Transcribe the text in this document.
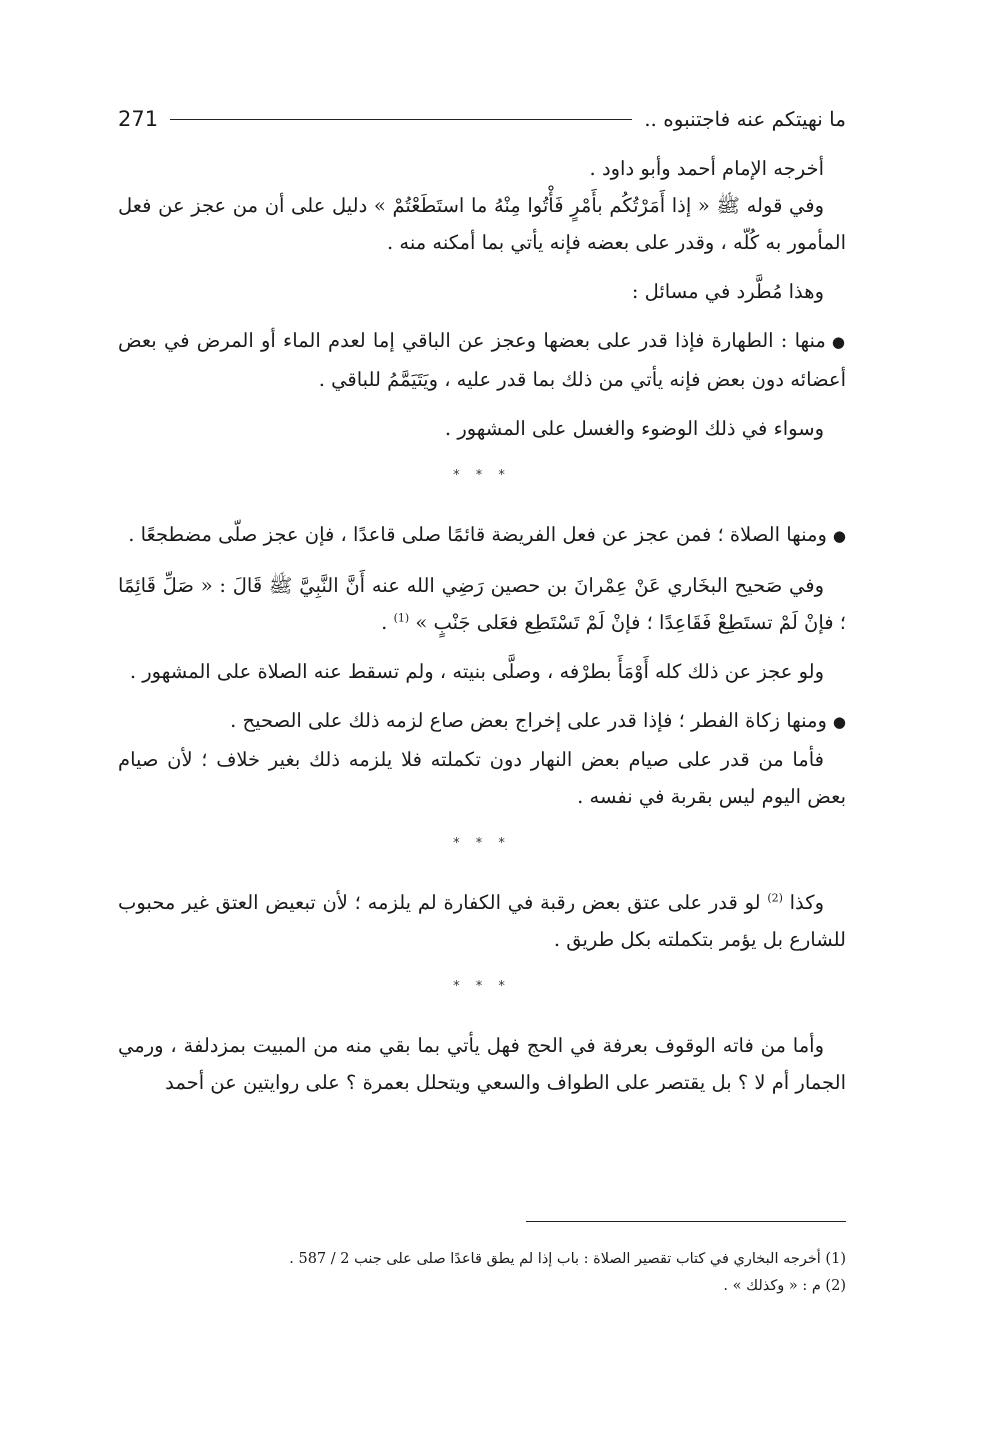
ما نهيتكم عنه فاجتنبوه ..
271

أخرجه الإمام أحمد وأبو داود .

وفي قوله ﷺ « إذا أَمَرْتُكُم بأَمْرٍ فَأْتُوا مِنْهُ ما استَطَعْتُمْ » دليل على أن من عجز عن فعل المأمور به كُلّه ، وقدر على بعضه فإنه يأتي بما أمكنه منه .

وهذا مُطَّرد في مسائل :

●منها : الطهارة فإذا قدر على بعضها وعجز عن الباقي إما لعدم الماء أو المرض في بعض أعضائه دون بعض فإنه يأتي من ذلك بما قدر عليه ، ويَتَيَمَّمُ للباقي .

وسواء في ذلك الوضوء والغسل على المشهور .

* * *

●ومنها الصلاة ؛ فمن عجز عن فعل الفريضة قائمًا صلى قاعدًا ، فإن عجز صلّى مضطجعًا .

وفي صَحيح البخَاري عَنْ عِمْرانَ بن حصين رَضِي الله عنه أَنَّ النَّبِيَّ ﷺ قَالَ : « صَلِّ قَائِمًا ؛ فإنْ لَمْ تستَطِعْ فَقَاعِدًا ؛ فإنْ لَمْ تَسْتَطِع فعَلى جَنْبٍ » $^{(1)}$ .

ولو عجز عن ذلك كله أَوْمَأَ بطرْفه ، وصلَّى بنيته ، ولم تسقط عنه الصلاة على المشهور .

●ومنها زكاة الفطر ؛ فإذا قدر على إخراج بعض صاع لزمه ذلك على الصحيح .

فأما من قدر على صيام بعض النهار دون تكملته فلا يلزمه ذلك بغير خلاف ؛ لأن صيام بعض اليوم ليس بقربة في نفسه .

* * *

وكذا $^{(2)}$ لو قدر على عتق بعض رقبة في الكفارة لم يلزمه ؛ لأن تبعيض العتق غير محبوب للشارع بل يؤمر بتكملته بكل طريق .

* * *

وأما من فاته الوقوف بعرفة في الحج فهل يأتي بما بقي منه من المبيت بمزدلفة ، ورمي الجمار أم لا ؟ بل يقتصر على الطواف والسعي ويتحلل بعمرة ؟ على روايتين عن أحمد

(1) أخرجه البخاري في كتاب تقصير الصلاة : باب إذا لم يطق قاعدًا صلى على جنب 2 / 587 .

(2) م : « وكذلك » .
